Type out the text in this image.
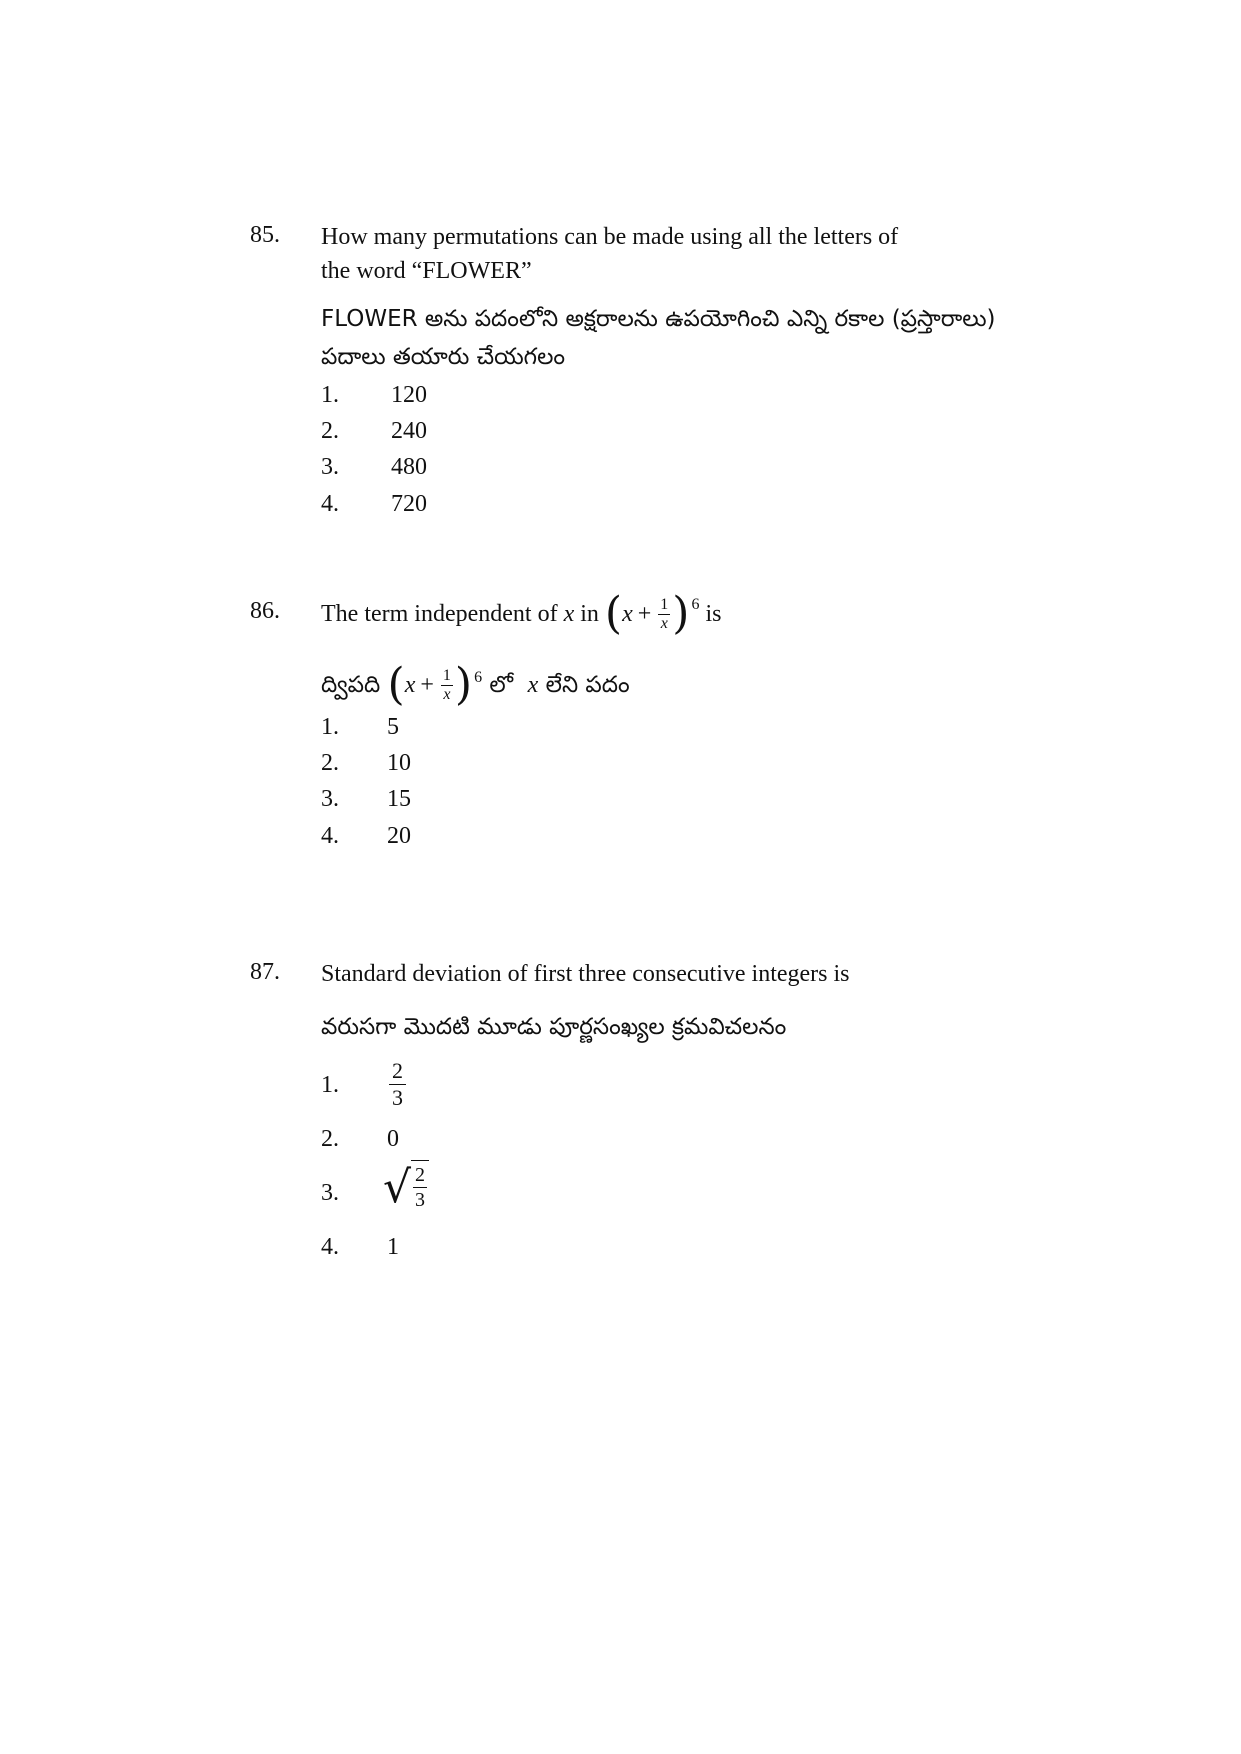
85. How many permutations can be made using all the letters of
the word “FLOWER”
FLOWER అను పదంలోని అక్షరాలను ఉపయోగించి ఎన్ని రకాల (ప్రస్తారాలు)
పదాలు తయారు చేయగలం
1. 120
2. 240
3. 480
4. 720
86. The term independent of
x
in
( $x + \frac{1}{x}$ ) 6
is
ద్విపది
( $x + \frac{1}{x}$ ) 6
లో
x
లేని పదం
1. 5
2. 10
3. 15
4. 20
87. Standard deviation of first three consecutive integers is
వరుసగా మొదటి మూడు పూర్ణసంఖ్యల క్రమవిచలనం
1. $\frac{2}{3}$
2. 0
3. √ $\frac{2}{3}$
4. 1
